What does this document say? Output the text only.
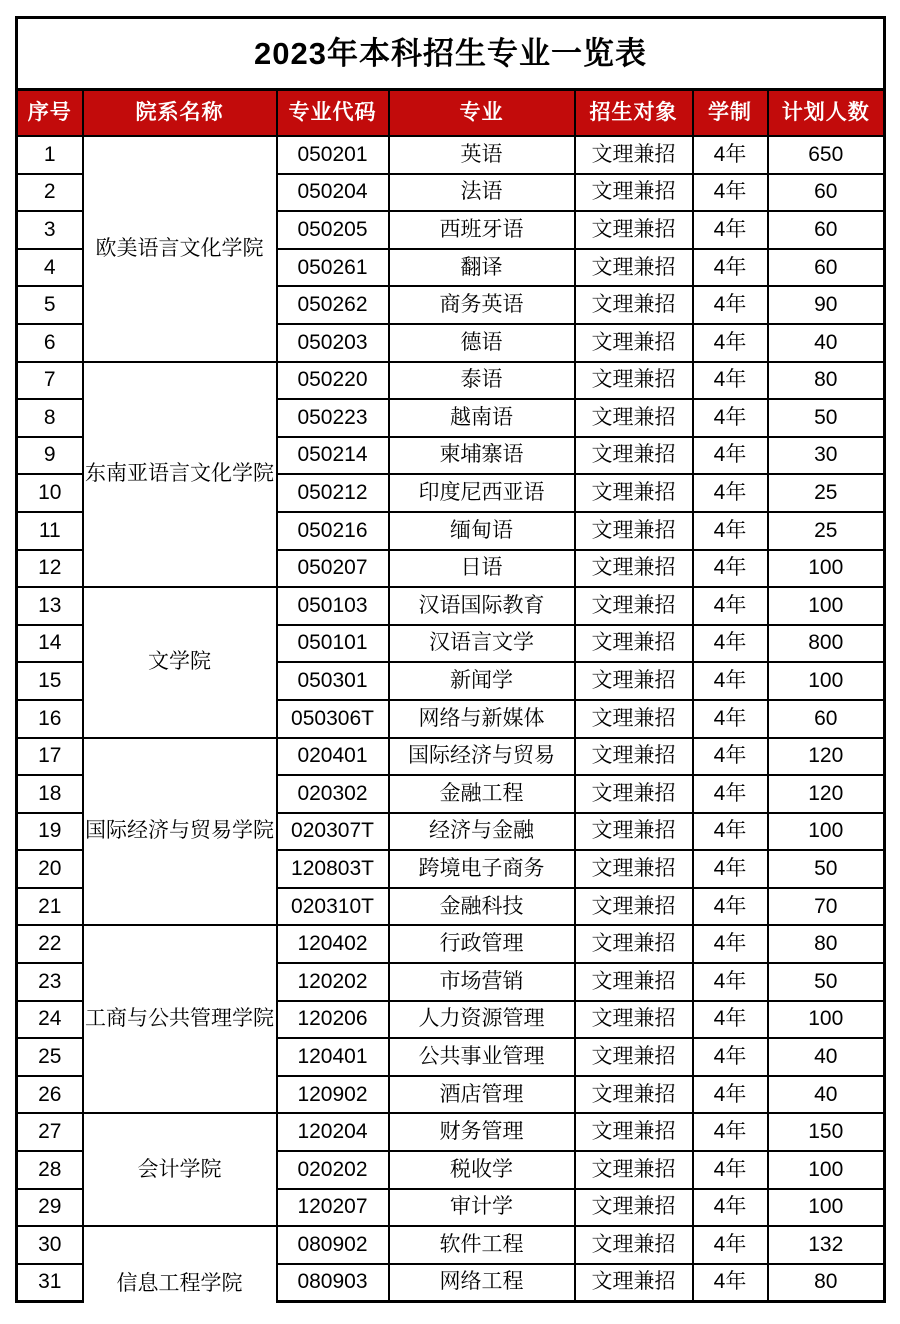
2023年本科招生专业一览表						
序号	院系名称	专业代码	专业	招生对象	学制	计划人数
1	欧美语言文化学院	050201	英语	文理兼招	4年	650
2		050204	法语	文理兼招	4年	60
3		050205	西班牙语	文理兼招	4年	60
4		050261	翻译	文理兼招	4年	60
5		050262	商务英语	文理兼招	4年	90
6		050203	德语	文理兼招	4年	40
7	东南亚语言文化学院	050220	泰语	文理兼招	4年	80
8		050223	越南语	文理兼招	4年	50
9		050214	柬埔寨语	文理兼招	4年	30
10		050212	印度尼西亚语	文理兼招	4年	25
11		050216	缅甸语	文理兼招	4年	25
12		050207	日语	文理兼招	4年	100
13	文学院	050103	汉语国际教育	文理兼招	4年	100
14		050101	汉语言文学	文理兼招	4年	800
15		050301	新闻学	文理兼招	4年	100
16		050306T	网络与新媒体	文理兼招	4年	60
17	国际经济与贸易学院	020401	国际经济与贸易	文理兼招	4年	120
18		020302	金融工程	文理兼招	4年	120
19		020307T	经济与金融	文理兼招	4年	100
20		120803T	跨境电子商务	文理兼招	4年	50
21		020310T	金融科技	文理兼招	4年	70
22	工商与公共管理学院	120402	行政管理	文理兼招	4年	80
23		120202	市场营销	文理兼招	4年	50
24		120206	人力资源管理	文理兼招	4年	100
25		120401	公共事业管理	文理兼招	4年	40
26		120902	酒店管理	文理兼招	4年	40
27	会计学院	120204	财务管理	文理兼招	4年	150
28		020202	税收学	文理兼招	4年	100
29		120207	审计学	文理兼招	4年	100
30	信息工程学院	080902	软件工程	文理兼招	4年	132
31		080903	网络工程	文理兼招	4年	80
